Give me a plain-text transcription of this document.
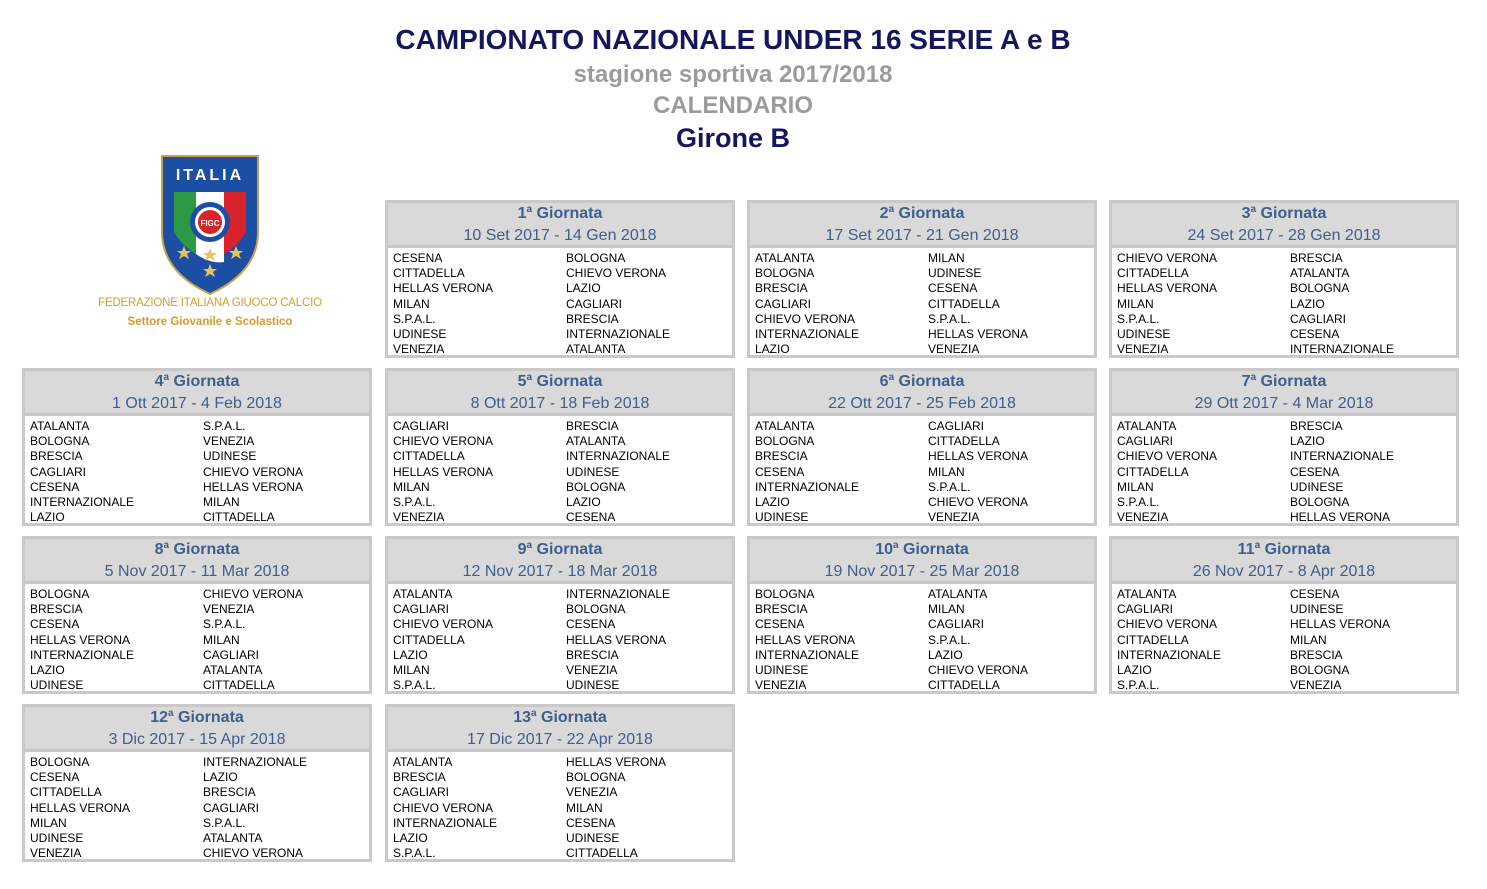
CAMPIONATO NAZIONALE UNDER 16 SERIE A e B
stagione sportiva 2017/2018
CALENDARIO
Girone B
ITALIA
FIGC
FEDERAZIONE ITALIANA GIUOCO CALCIO
Settore Giovanile e Scolastico
1$^a$ Giornata
10 Set 2017 - 14 Gen 2018
CESENA	BOLOGNA
CITTADELLA	CHIEVO VERONA
HELLAS VERONA	LAZIO
MILAN	CAGLIARI
S.P.A.L.	BRESCIA
UDINESE	INTERNAZIONALE
VENEZIA	ATALANTA
2$^a$ Giornata
17 Set 2017 - 21 Gen 2018
ATALANTA	MILAN
BOLOGNA	UDINESE
BRESCIA	CESENA
CAGLIARI	CITTADELLA
CHIEVO VERONA	S.P.A.L.
INTERNAZIONALE	HELLAS VERONA
LAZIO	VENEZIA
3$^a$ Giornata
24 Set 2017 - 28 Gen 2018
CHIEVO VERONA	BRESCIA
CITTADELLA	ATALANTA
HELLAS VERONA	BOLOGNA
MILAN	LAZIO
S.P.A.L.	CAGLIARI
UDINESE	CESENA
VENEZIA	INTERNAZIONALE
4$^a$ Giornata
1 Ott 2017 - 4 Feb 2018
ATALANTA	S.P.A.L.
BOLOGNA	VENEZIA
BRESCIA	UDINESE
CAGLIARI	CHIEVO VERONA
CESENA	HELLAS VERONA
INTERNAZIONALE	MILAN
LAZIO	CITTADELLA
5$^a$ Giornata
8 Ott 2017 - 18 Feb 2018
CAGLIARI	BRESCIA
CHIEVO VERONA	ATALANTA
CITTADELLA	INTERNAZIONALE
HELLAS VERONA	UDINESE
MILAN	BOLOGNA
S.P.A.L.	LAZIO
VENEZIA	CESENA
6$^a$ Giornata
22 Ott 2017 - 25 Feb 2018
ATALANTA	CAGLIARI
BOLOGNA	CITTADELLA
BRESCIA	HELLAS VERONA
CESENA	MILAN
INTERNAZIONALE	S.P.A.L.
LAZIO	CHIEVO VERONA
UDINESE	VENEZIA
7$^a$ Giornata
29 Ott 2017 - 4 Mar 2018
ATALANTA	BRESCIA
CAGLIARI	LAZIO
CHIEVO VERONA	INTERNAZIONALE
CITTADELLA	CESENA
MILAN	UDINESE
S.P.A.L.	BOLOGNA
VENEZIA	HELLAS VERONA
8$^a$ Giornata
5 Nov 2017 - 11 Mar 2018
BOLOGNA	CHIEVO VERONA
BRESCIA	VENEZIA
CESENA	S.P.A.L.
HELLAS VERONA	MILAN
INTERNAZIONALE	CAGLIARI
LAZIO	ATALANTA
UDINESE	CITTADELLA
9$^a$ Giornata
12 Nov 2017 - 18 Mar 2018
ATALANTA	INTERNAZIONALE
CAGLIARI	BOLOGNA
CHIEVO VERONA	CESENA
CITTADELLA	HELLAS VERONA
LAZIO	BRESCIA
MILAN	VENEZIA
S.P.A.L.	UDINESE
10$^a$ Giornata
19 Nov 2017 - 25 Mar 2018
BOLOGNA	ATALANTA
BRESCIA	MILAN
CESENA	CAGLIARI
HELLAS VERONA	S.P.A.L.
INTERNAZIONALE	LAZIO
UDINESE	CHIEVO VERONA
VENEZIA	CITTADELLA
11$^a$ Giornata
26 Nov 2017 - 8 Apr 2018
ATALANTA	CESENA
CAGLIARI	UDINESE
CHIEVO VERONA	HELLAS VERONA
CITTADELLA	MILAN
INTERNAZIONALE	BRESCIA
LAZIO	BOLOGNA
S.P.A.L.	VENEZIA
12$^a$ Giornata
3 Dic 2017 - 15 Apr 2018
BOLOGNA	INTERNAZIONALE
CESENA	LAZIO
CITTADELLA	BRESCIA
HELLAS VERONA	CAGLIARI
MILAN	S.P.A.L.
UDINESE	ATALANTA
VENEZIA	CHIEVO VERONA
13$^a$ Giornata
17 Dic 2017 - 22 Apr 2018
ATALANTA	HELLAS VERONA
BRESCIA	BOLOGNA
CAGLIARI	VENEZIA
CHIEVO VERONA	MILAN
INTERNAZIONALE	CESENA
LAZIO	UDINESE
S.P.A.L.	CITTADELLA
